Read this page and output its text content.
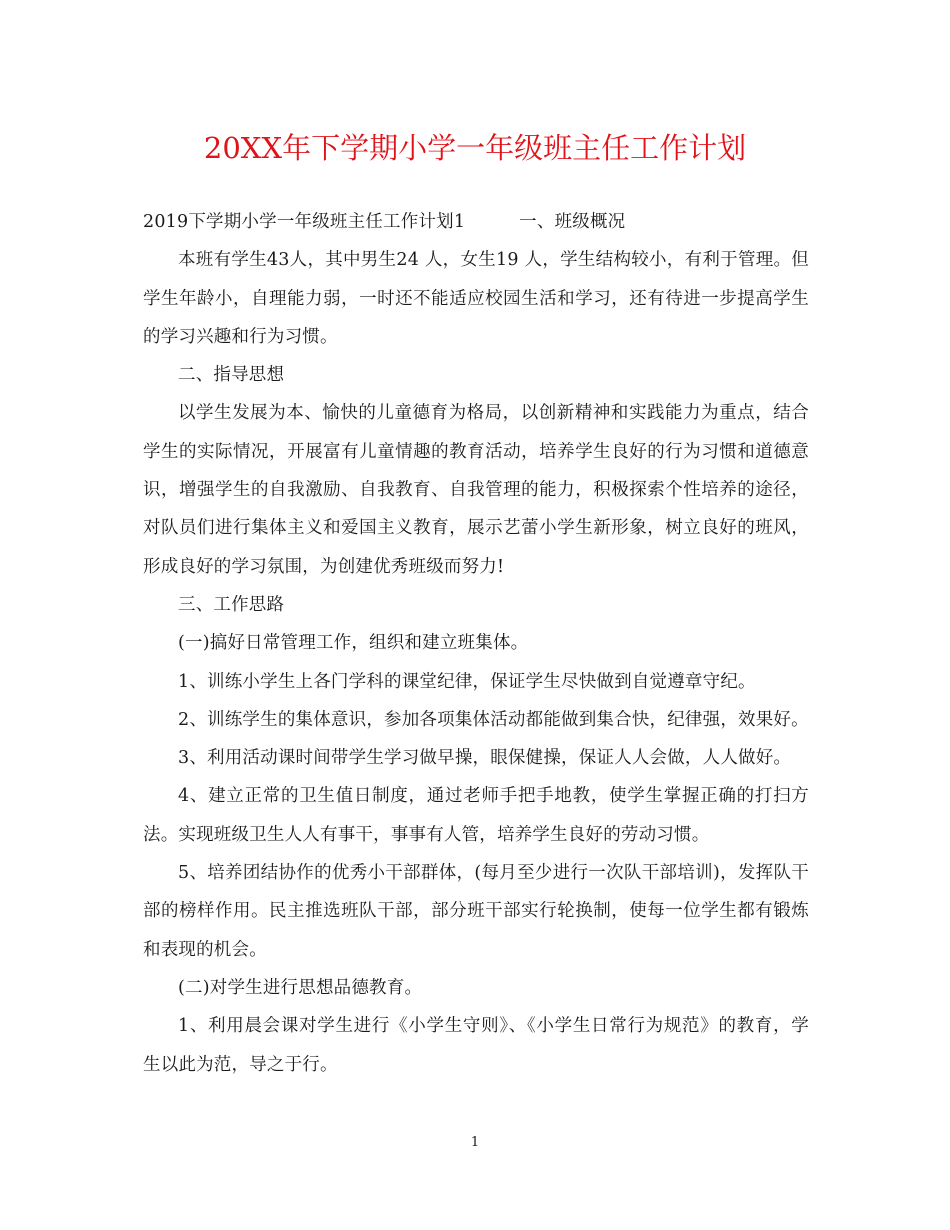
20XX年下学期小学一年级班主任工作计划

2019下学期小学一年级班主任工作计划1	一、班级概况

本班有学生43人，其中男生24 人，女生19 人，学生结构较小，有利于管理。但学生年龄小，自理能力弱，一时还不能适应校园生活和学习，还有待进一步提高学生的学习兴趣和行为习惯。

二、指导思想

以学生发展为本、愉快的儿童德育为格局，以创新精神和实践能力为重点，结合学生的实际情况，开展富有儿童情趣的教育活动，培养学生良好的行为习惯和道德意识，增强学生的自我激励、自我教育、自我管理的能力，积极探索个性培养的途径，对队员们进行集体主义和爱国主义教育，展示艺蕾小学生新形象，树立良好的班风，形成良好的学习氛围，为创建优秀班级而努力!

三、工作思路

(一)搞好日常管理工作，组织和建立班集体。

1、训练小学生上各门学科的课堂纪律，保证学生尽快做到自觉遵章守纪。

2、训练学生的集体意识，参加各项集体活动都能做到集合快，纪律强，效果好。

3、利用活动课时间带学生学习做早操，眼保健操，保证人人会做，人人做好。

4、建立正常的卫生值日制度，通过老师手把手地教，使学生掌握正确的打扫方法。实现班级卫生人人有事干，事事有人管，培养学生良好的劳动习惯。

5、培养团结协作的优秀小干部群体，(每月至少进行一次队干部培训)，发挥队干部的榜样作用。民主推选班队干部，部分班干部实行轮换制，使每一位学生都有锻炼和表现的机会。

(二)对学生进行思想品德教育。

1、利用晨会课对学生进行《小学生守则》、《小学生日常行为规范》的教育，学生以此为范，导之于行。

1
